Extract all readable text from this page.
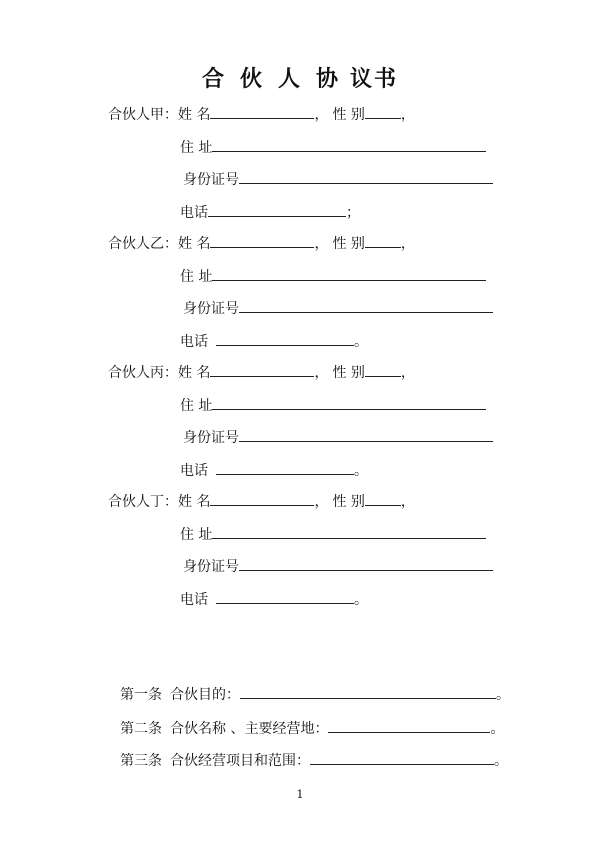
合 伙 人 协 议书
合伙人甲：姓 名	， 性 别	，
住 址
身份证号
电话	；
合伙人乙：姓 名	， 性 别	，
住 址
身份证号
电话	。
合伙人丙：姓 名	， 性 别	，
住 址
身份证号
电话	。
合伙人丁：姓 名	， 性 别	，
住 址
身份证号
电话	。
第一条 合伙目的：	。
第二条 合伙名称 、主要经营地：	。
第三条 合伙经营项目和范围：	。
1
